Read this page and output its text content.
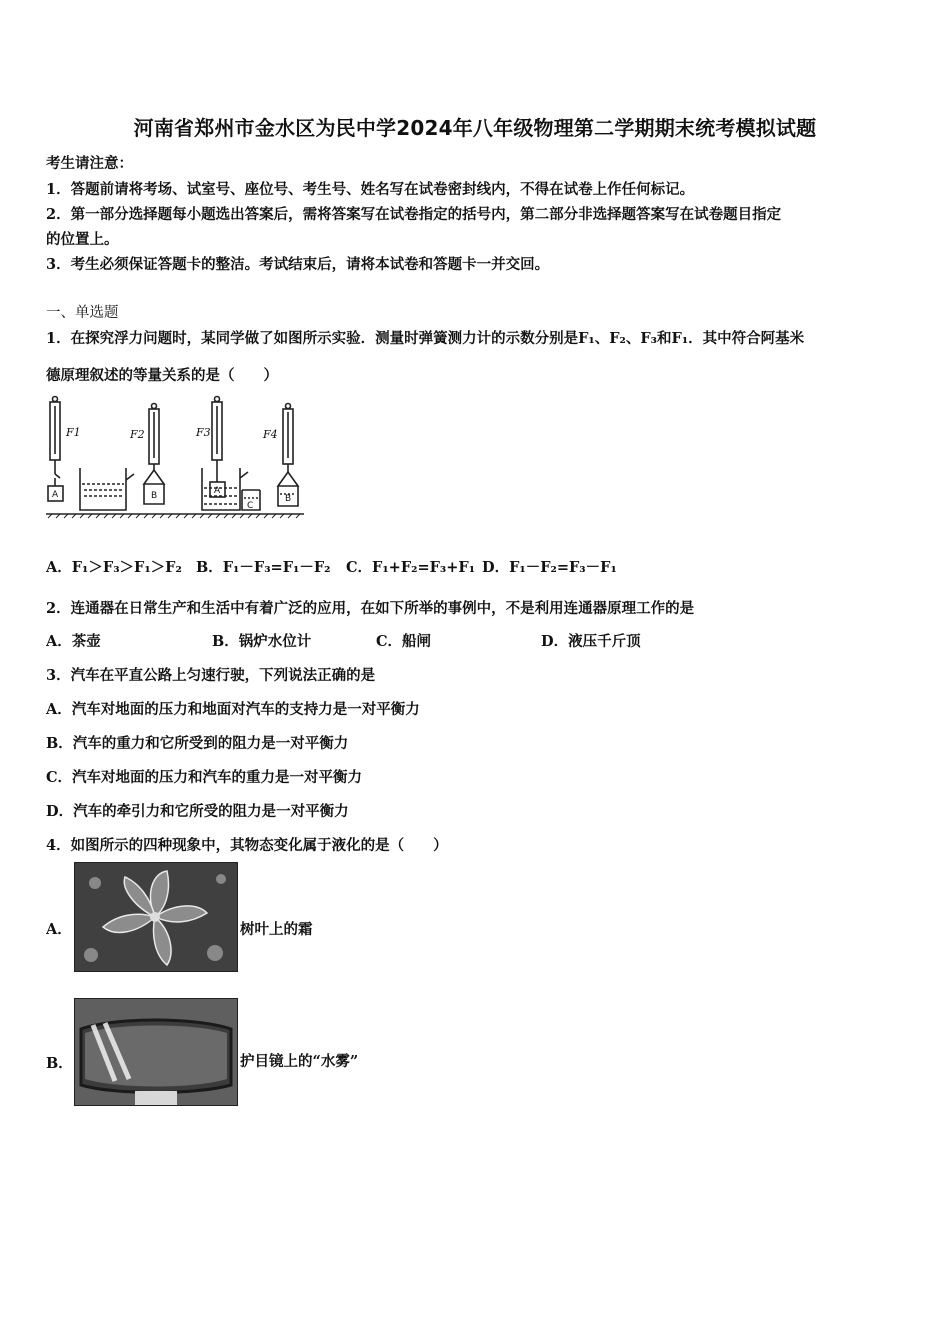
河南省郑州市金水区为民中学2024年八年级物理第二学期期末统考模拟试题
考生请注意：
1．答题前请将考场、试室号、座位号、考生号、姓名写在试卷密封线内，不得在试卷上作任何标记。
2．第一部分选择题每小题选出答案后，需将答案写在试卷指定的括号内，第二部分非选择题答案写在试卷题目指定
的位置上。
3．考生必须保证答题卡的整洁。考试结束后，请将本试卷和答题卡一并交回。
一、单选题
1．在探究浮力问题时，某同学做了如图所示实验．测量时弹簧测力计的示数分别是F₁、F₂、F₃和F₁．其中符合阿基米
德原理叙述的等量关系的是（　　）
F1	F2	F3	F4
A	B	A
B
C
A．F₁＞F₃＞F₁＞F₂ B．F₁－F₃=F₁－F₂ C．F₁+F₂=F₃+F₁ D．F₁－F₂=F₃－F₁
2．连通器在日常生产和生活中有着广泛的应用，在如下所举的事例中，不是利用连通器原理工作的是
A．茶壶	B．锅炉水位计	C．船闸	D．液压千斤顶
3．汽车在平直公路上匀速行驶，下列说法正确的是
A．汽车对地面的压力和地面对汽车的支持力是一对平衡力
B．汽车的重力和它所受到的阻力是一对平衡力
C．汽车对地面的压力和汽车的重力是一对平衡力
D．汽车的牵引力和它所受的阻力是一对平衡力
4．如图所示的四种现象中，其物态变化属于液化的是（　　）
A．	树叶上的霜
B．	护目镜上的“水雾”
